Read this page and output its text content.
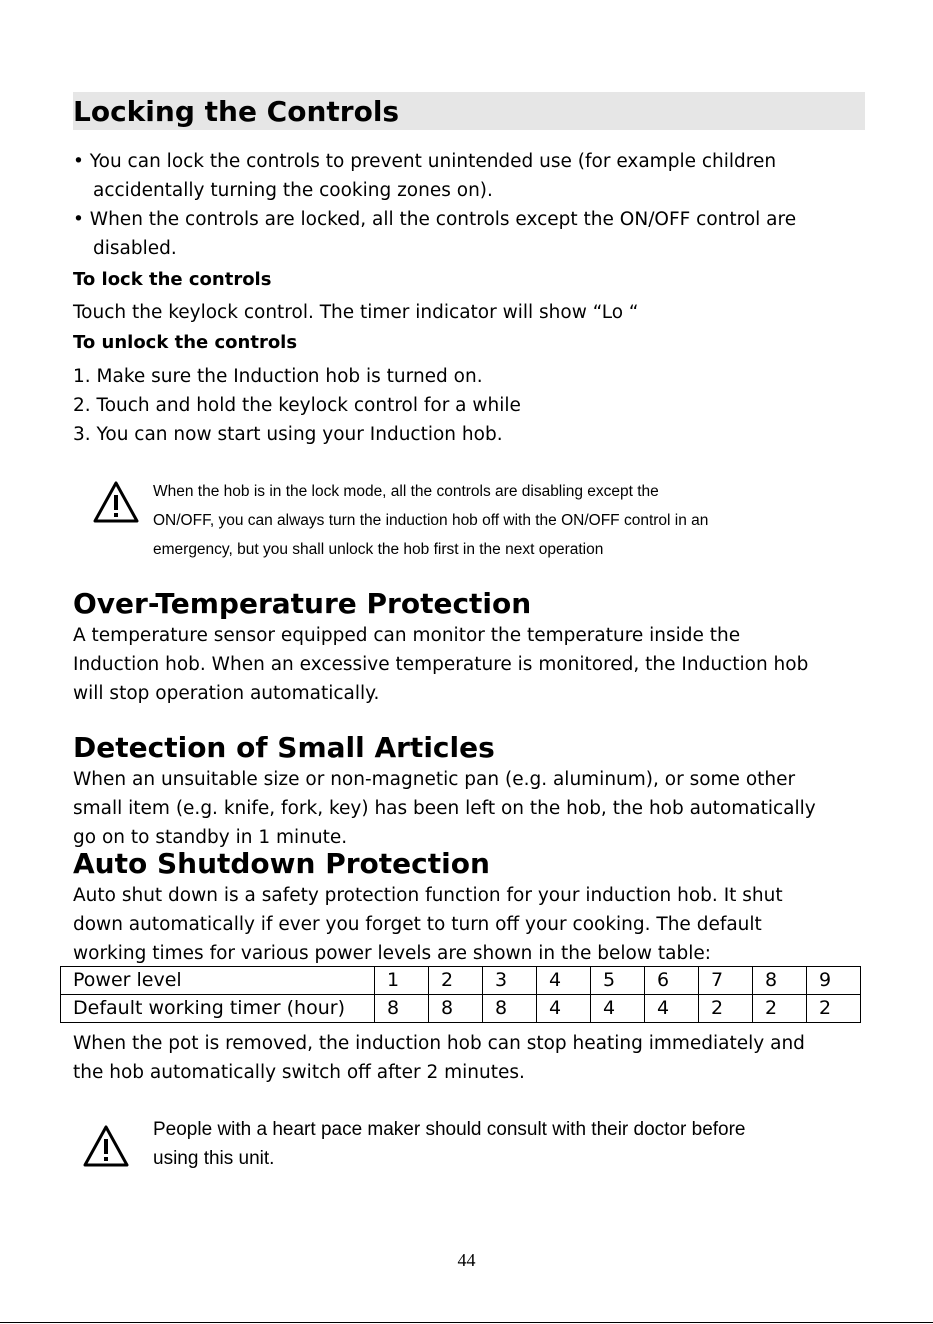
Locking the Controls
• You can lock the controls to prevent unintended use (for example children
accidentally turning the cooking zones on).
• When the controls are locked, all the controls except the ON/OFF control are
disabled.
To lock the controls
Touch the keylock control. The timer indicator will show “Lo “
To unlock the controls
1. Make sure the Induction hob is turned on.
2. Touch and hold the keylock control for a while
3. You can now start using your Induction hob.
When the hob is in the lock mode, all the controls are disabling except the
ON/OFF, you can always turn the induction hob off with the ON/OFF control in an
emergency, but you shall unlock the hob first in the next operation
Over-Temperature Protection
A temperature sensor equipped can monitor the temperature inside the
Induction hob. When an excessive temperature is monitored, the Induction hob
will stop operation automatically.
Detection of Small Articles
When an unsuitable size or non-magnetic pan (e.g. aluminum), or some other
small item (e.g. knife, fork, key) has been left on the hob, the hob automatically
go on to standby in 1 minute.
Auto Shutdown Protection
Auto shut down is a safety protection function for your induction hob. It shut
down automatically if ever you forget to turn off your cooking. The default
working times for various power levels are shown in the below table:
Power level	1	2	3	4	5	6	7	8	9
Default working timer (hour)	8	8	8	4	4	4	2	2	2
When the pot is removed, the induction hob can stop heating immediately and
the hob automatically switch off after 2 minutes.
People with a heart pace maker should consult with their doctor before
using this unit.
44
